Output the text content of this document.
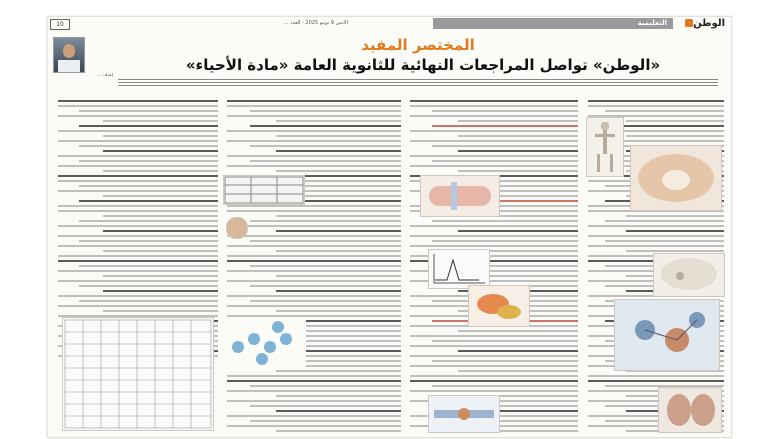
10	الاثنين 9 يونيو 2025 - العدد ...	التعليمية	الوطن
المختصر المفيد
«الوطن» تواصل المراجعات النهائية للثانوية العامة «مادة الأحياء»
إعداد: ...
